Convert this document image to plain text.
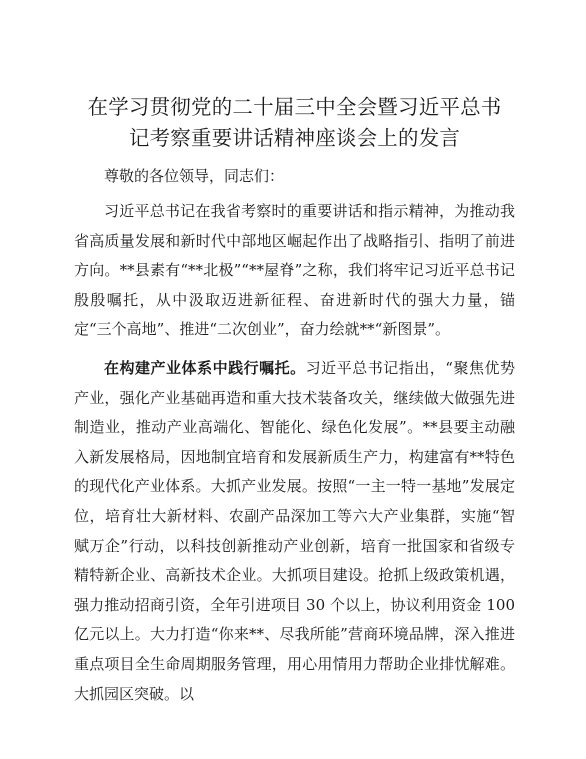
在学习贯彻党的二十届三中全会暨习近平总书
记考察重要讲话精神座谈会上的发言

尊敬的各位领导，同志们：

习近平总书记在我省考察时的重要讲话和指示精神，为推动我省高质量发展和新时代中部地区崛起作出了战略指引、指明了前进方向。**县素有“**北极”“**屋脊”之称，我们将牢记习近平总书记殷殷嘱托，从中汲取迈进新征程、奋进新时代的强大力量，锚定“三个高地”、推进“二次创业”，奋力绘就**“新图景”。

在构建产业体系中践行嘱托。习近平总书记指出，“聚焦优势产业，强化产业基础再造和重大技术装备攻关，继续做大做强先进制造业，推动产业高端化、智能化、绿色化发展”。**县要主动融入新发展格局，因地制宜培育和发展新质生产力，构建富有**特色的现代化产业体系。大抓产业发展。按照“一主一特一基地”发展定位，培育壮大新材料、农副产品深加工等六大产业集群，实施“智赋万企”行动，以科技创新推动产业创新，培育一批国家和省级专精特新企业、高新技术企业。大抓项目建设。抢抓上级政策机遇，强力推动招商引资，全年引进项目 30 个以上，协议利用资金 100 亿元以上。大力打造“你来**、尽我所能”营商环境品牌，深入推进重点项目全生命周期服务管理，用心用情用力帮助企业排忧解难。大抓园区突破。以
